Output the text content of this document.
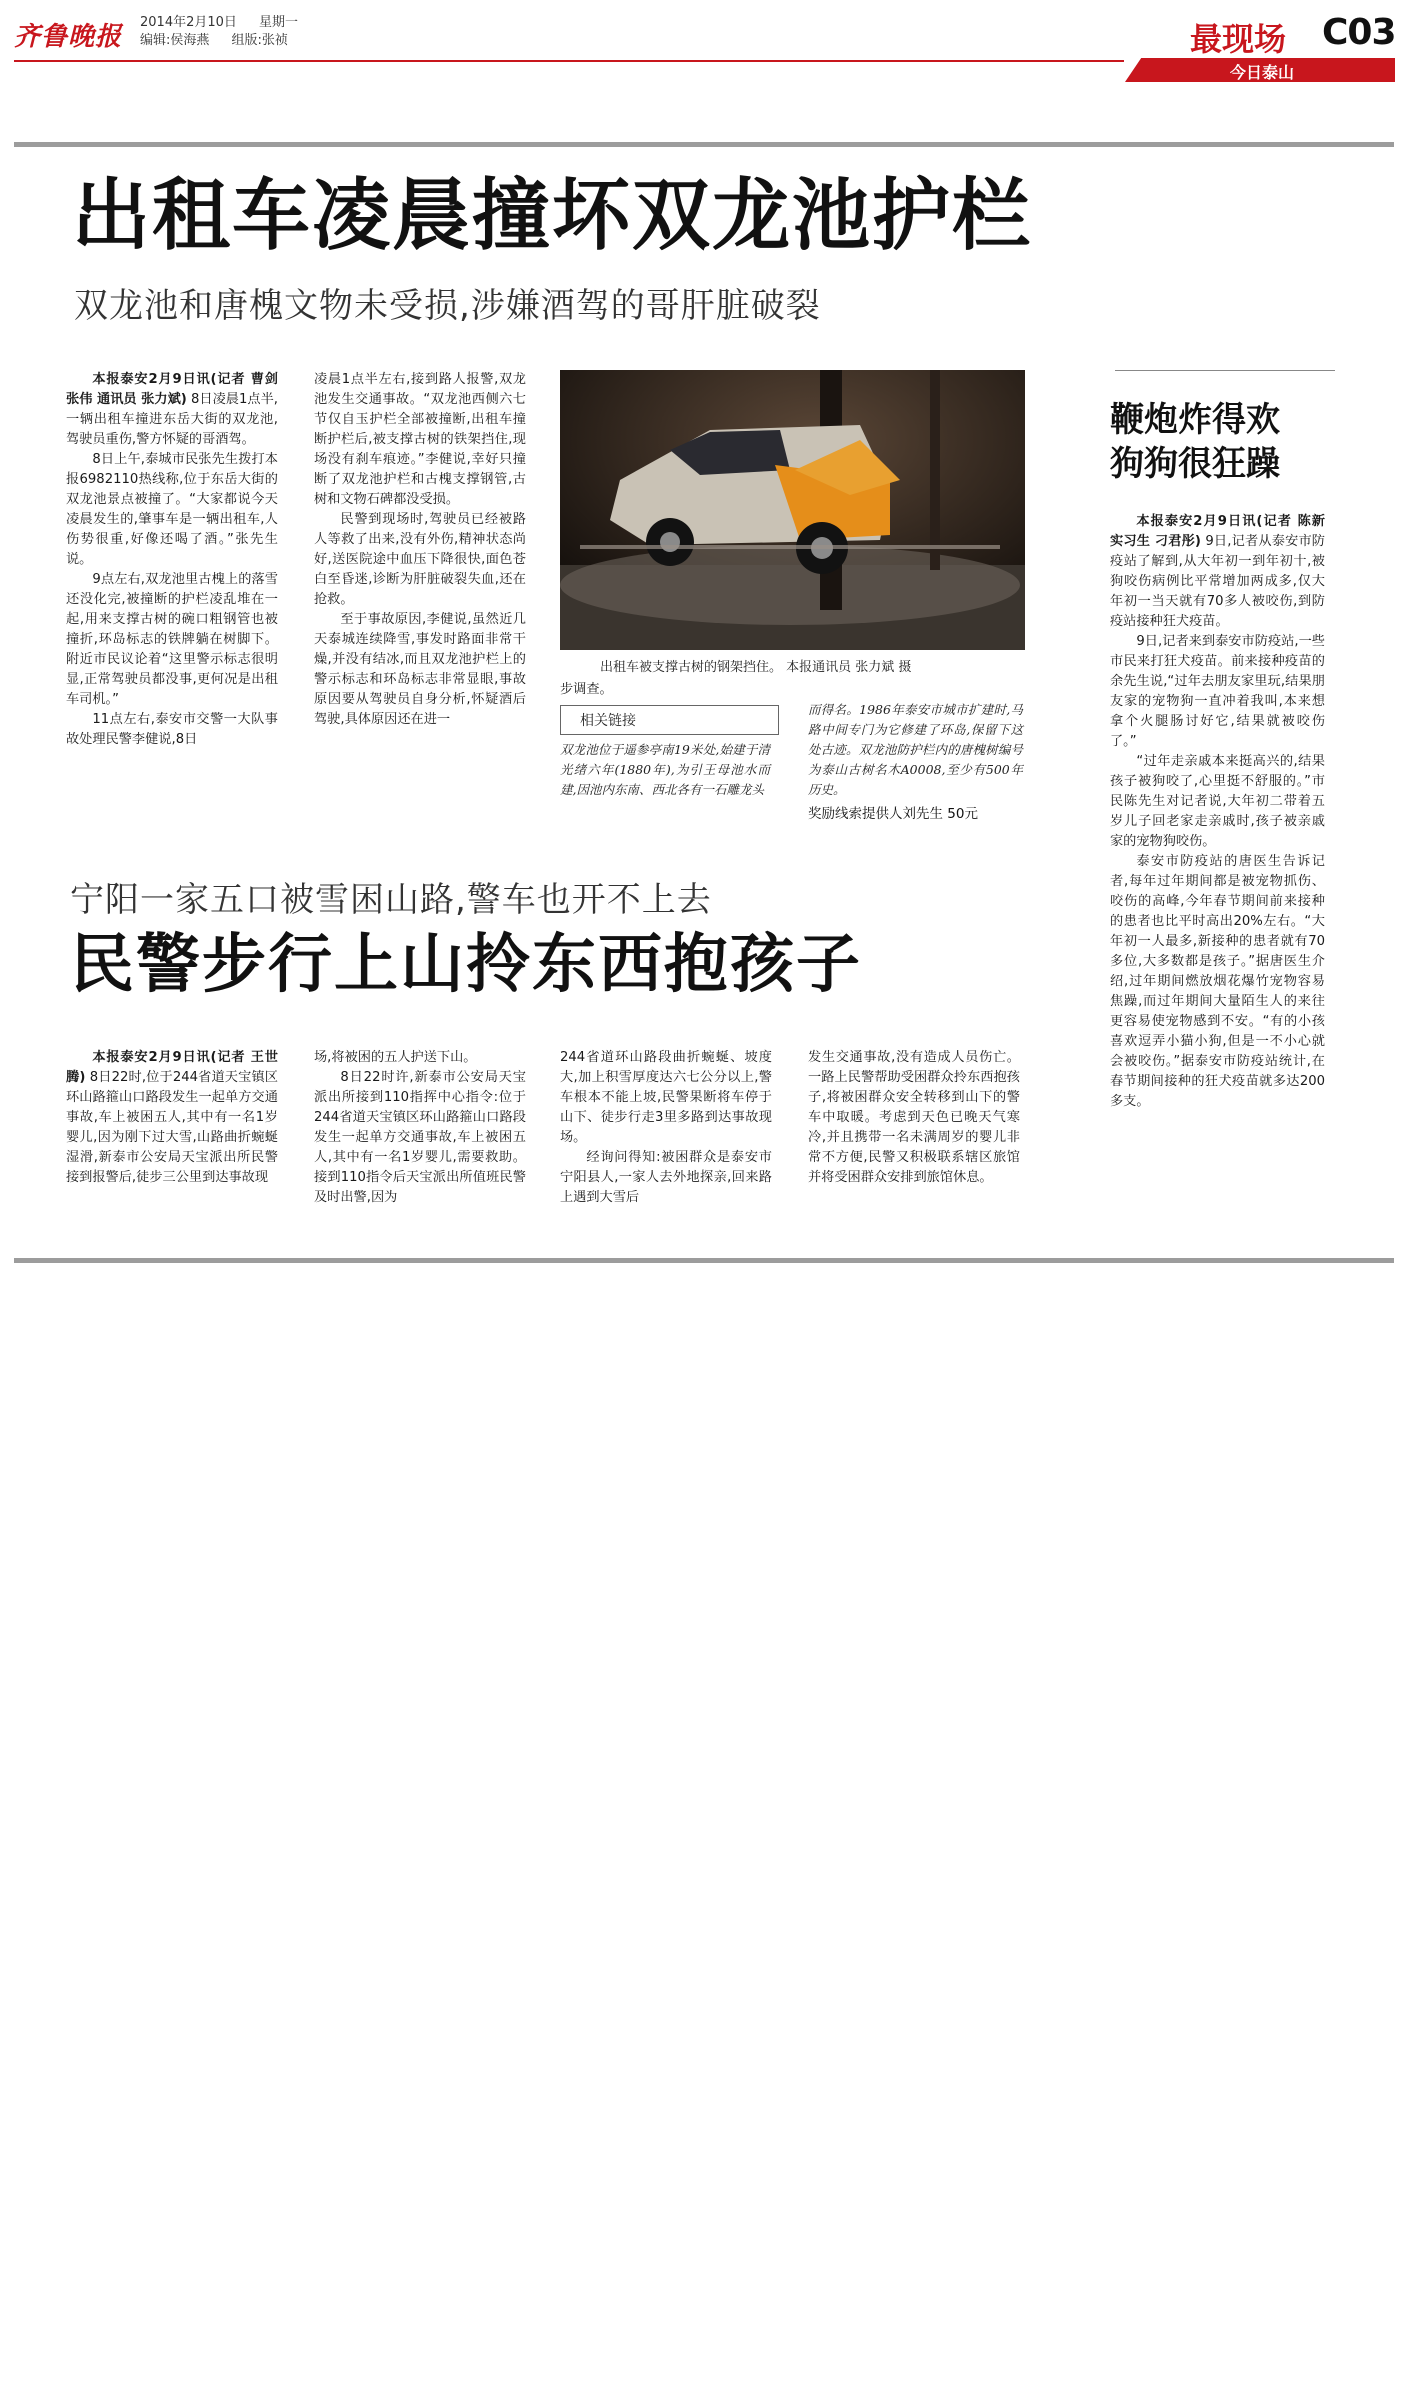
齐鲁晚报 2014年2月10日 星期一
编辑:侯海燕 组版:张祯	最现场 C03
今日泰山
出租车凌晨撞坏双龙池护栏
双龙池和唐槐文物未受损,涉嫌酒驾的哥肝脏破裂

本报泰安2月9日讯(记者 曹剑 张伟 通讯员 张力斌) 8日凌晨1点半,一辆出租车撞进东岳大街的双龙池,驾驶员重伤,警方怀疑的哥酒驾。

8日上午,泰城市民张先生拨打本报6982110热线称,位于东岳大街的双龙池景点被撞了。“大家都说今天凌晨发生的,肇事车是一辆出租车,人伤势很重,好像还喝了酒。”张先生说。

9点左右,双龙池里古槐上的落雪还没化完,被撞断的护栏凌乱堆在一起,用来支撑古树的碗口粗钢管也被撞折,环岛标志的铁牌躺在树脚下。附近市民议论着“这里警示标志很明显,正常驾驶员都没事,更何况是出租车司机。”

11点左右,泰安市交警一大队事故处理民警李健说,8日

凌晨1点半左右,接到路人报警,双龙池发生交通事故。“双龙池西侧六七节仅自玉护栏全部被撞断,出租车撞断护栏后,被支撑古树的铁架挡住,现场没有刹车痕迹。”李健说,幸好只撞断了双龙池护栏和古槐支撑钢管,古树和文物石碑都没受损。

民警到现场时,驾驶员已经被路人等救了出来,没有外伤,精神状态尚好,送医院途中血压下降很快,面色苍白至昏迷,诊断为肝脏破裂失血,还在抢救。

至于事故原因,李健说,虽然近几天泰城连续降雪,事发时路面非常干燥,并没有结冰,而且双龙池护栏上的警示标志和环岛标志非常显眼,事故原因要从驾驶员自身分析,怀疑酒后驾驶,具体原因还在进一

出租车被支撑古树的钢架挡住。 本报通讯员 张力斌 摄

步调查。

相关链接
双龙池位于遥参亭南19米处,始建于清光绪六年(1880年),为引王母池水而建,因池内东南、西北各有一石雕龙头
而得名。1986年泰安市城市扩建时,马路中间专门为它修建了环岛,保留下这处古迹。双龙池防护栏内的唐槐树编号为泰山古树名木A0008,至少有500年历史。
奖励线索提供人刘先生 50元
宁阳一家五口被雪困山路,警车也开不上去
民警步行上山拎东西抱孩子

本报泰安2月9日讯(记者 王世腾) 8日22时,位于244省道天宝镇区环山路箍山口路段发生一起单方交通事故,车上被困五人,其中有一名1岁婴儿,因为刚下过大雪,山路曲折蜿蜒湿滑,新泰市公安局天宝派出所民警接到报警后,徒步三公里到达事故现

场,将被困的五人护送下山。

8日22时许,新泰市公安局天宝派出所接到110指挥中心指令:位于244省道天宝镇区环山路箍山口路段发生一起单方交通事故,车上被困五人,其中有一名1岁婴儿,需要救助。接到110指令后天宝派出所值班民警及时出警,因为

244省道环山路段曲折蜿蜒、坡度大,加上积雪厚度达六七公分以上,警车根本不能上坡,民警果断将车停于山下、徒步行走3里多路到达事故现场。

经询问得知:被困群众是泰安市宁阳县人,一家人去外地探亲,回来路上遇到大雪后

发生交通事故,没有造成人员伤亡。一路上民警帮助受困群众拎东西抱孩子,将被困群众安全转移到山下的警车中取暖。考虑到天色已晚天气寒冷,并且携带一名未满周岁的婴儿非常不方便,民警又积极联系辖区旅馆并将受困群众安排到旅馆休息。

鞭炮炸得欢
狗狗很狂躁

本报泰安2月9日讯(记者 陈新 实习生 刁君彤) 9日,记者从泰安市防疫站了解到,从大年初一到年初十,被狗咬伤病例比平常增加两成多,仅大年初一当天就有70多人被咬伤,到防疫站接种狂犬疫苗。

9日,记者来到泰安市防疫站,一些市民来打狂犬疫苗。前来接种疫苗的余先生说,“过年去朋友家里玩,结果朋友家的宠物狗一直冲着我叫,本来想拿个火腿肠讨好它,结果就被咬伤了。”

“过年走亲戚本来挺高兴的,结果孩子被狗咬了,心里挺不舒服的。”市民陈先生对记者说,大年初二带着五岁儿子回老家走亲戚时,孩子被亲戚家的宠物狗咬伤。

泰安市防疫站的唐医生告诉记者,每年过年期间都是被宠物抓伤、咬伤的高峰,今年春节期间前来接种的患者也比平时高出20%左右。“大年初一人最多,新接种的患者就有70多位,大多数都是孩子。”据唐医生介绍,过年期间燃放烟花爆竹宠物容易焦躁,而过年期间大量陌生人的来往更容易使宠物感到不安。“有的小孩喜欢逗弄小猫小狗,但是一不小心就会被咬伤。”据泰安市防疫站统计,在春节期间接种的狂犬疫苗就多达200多支。
